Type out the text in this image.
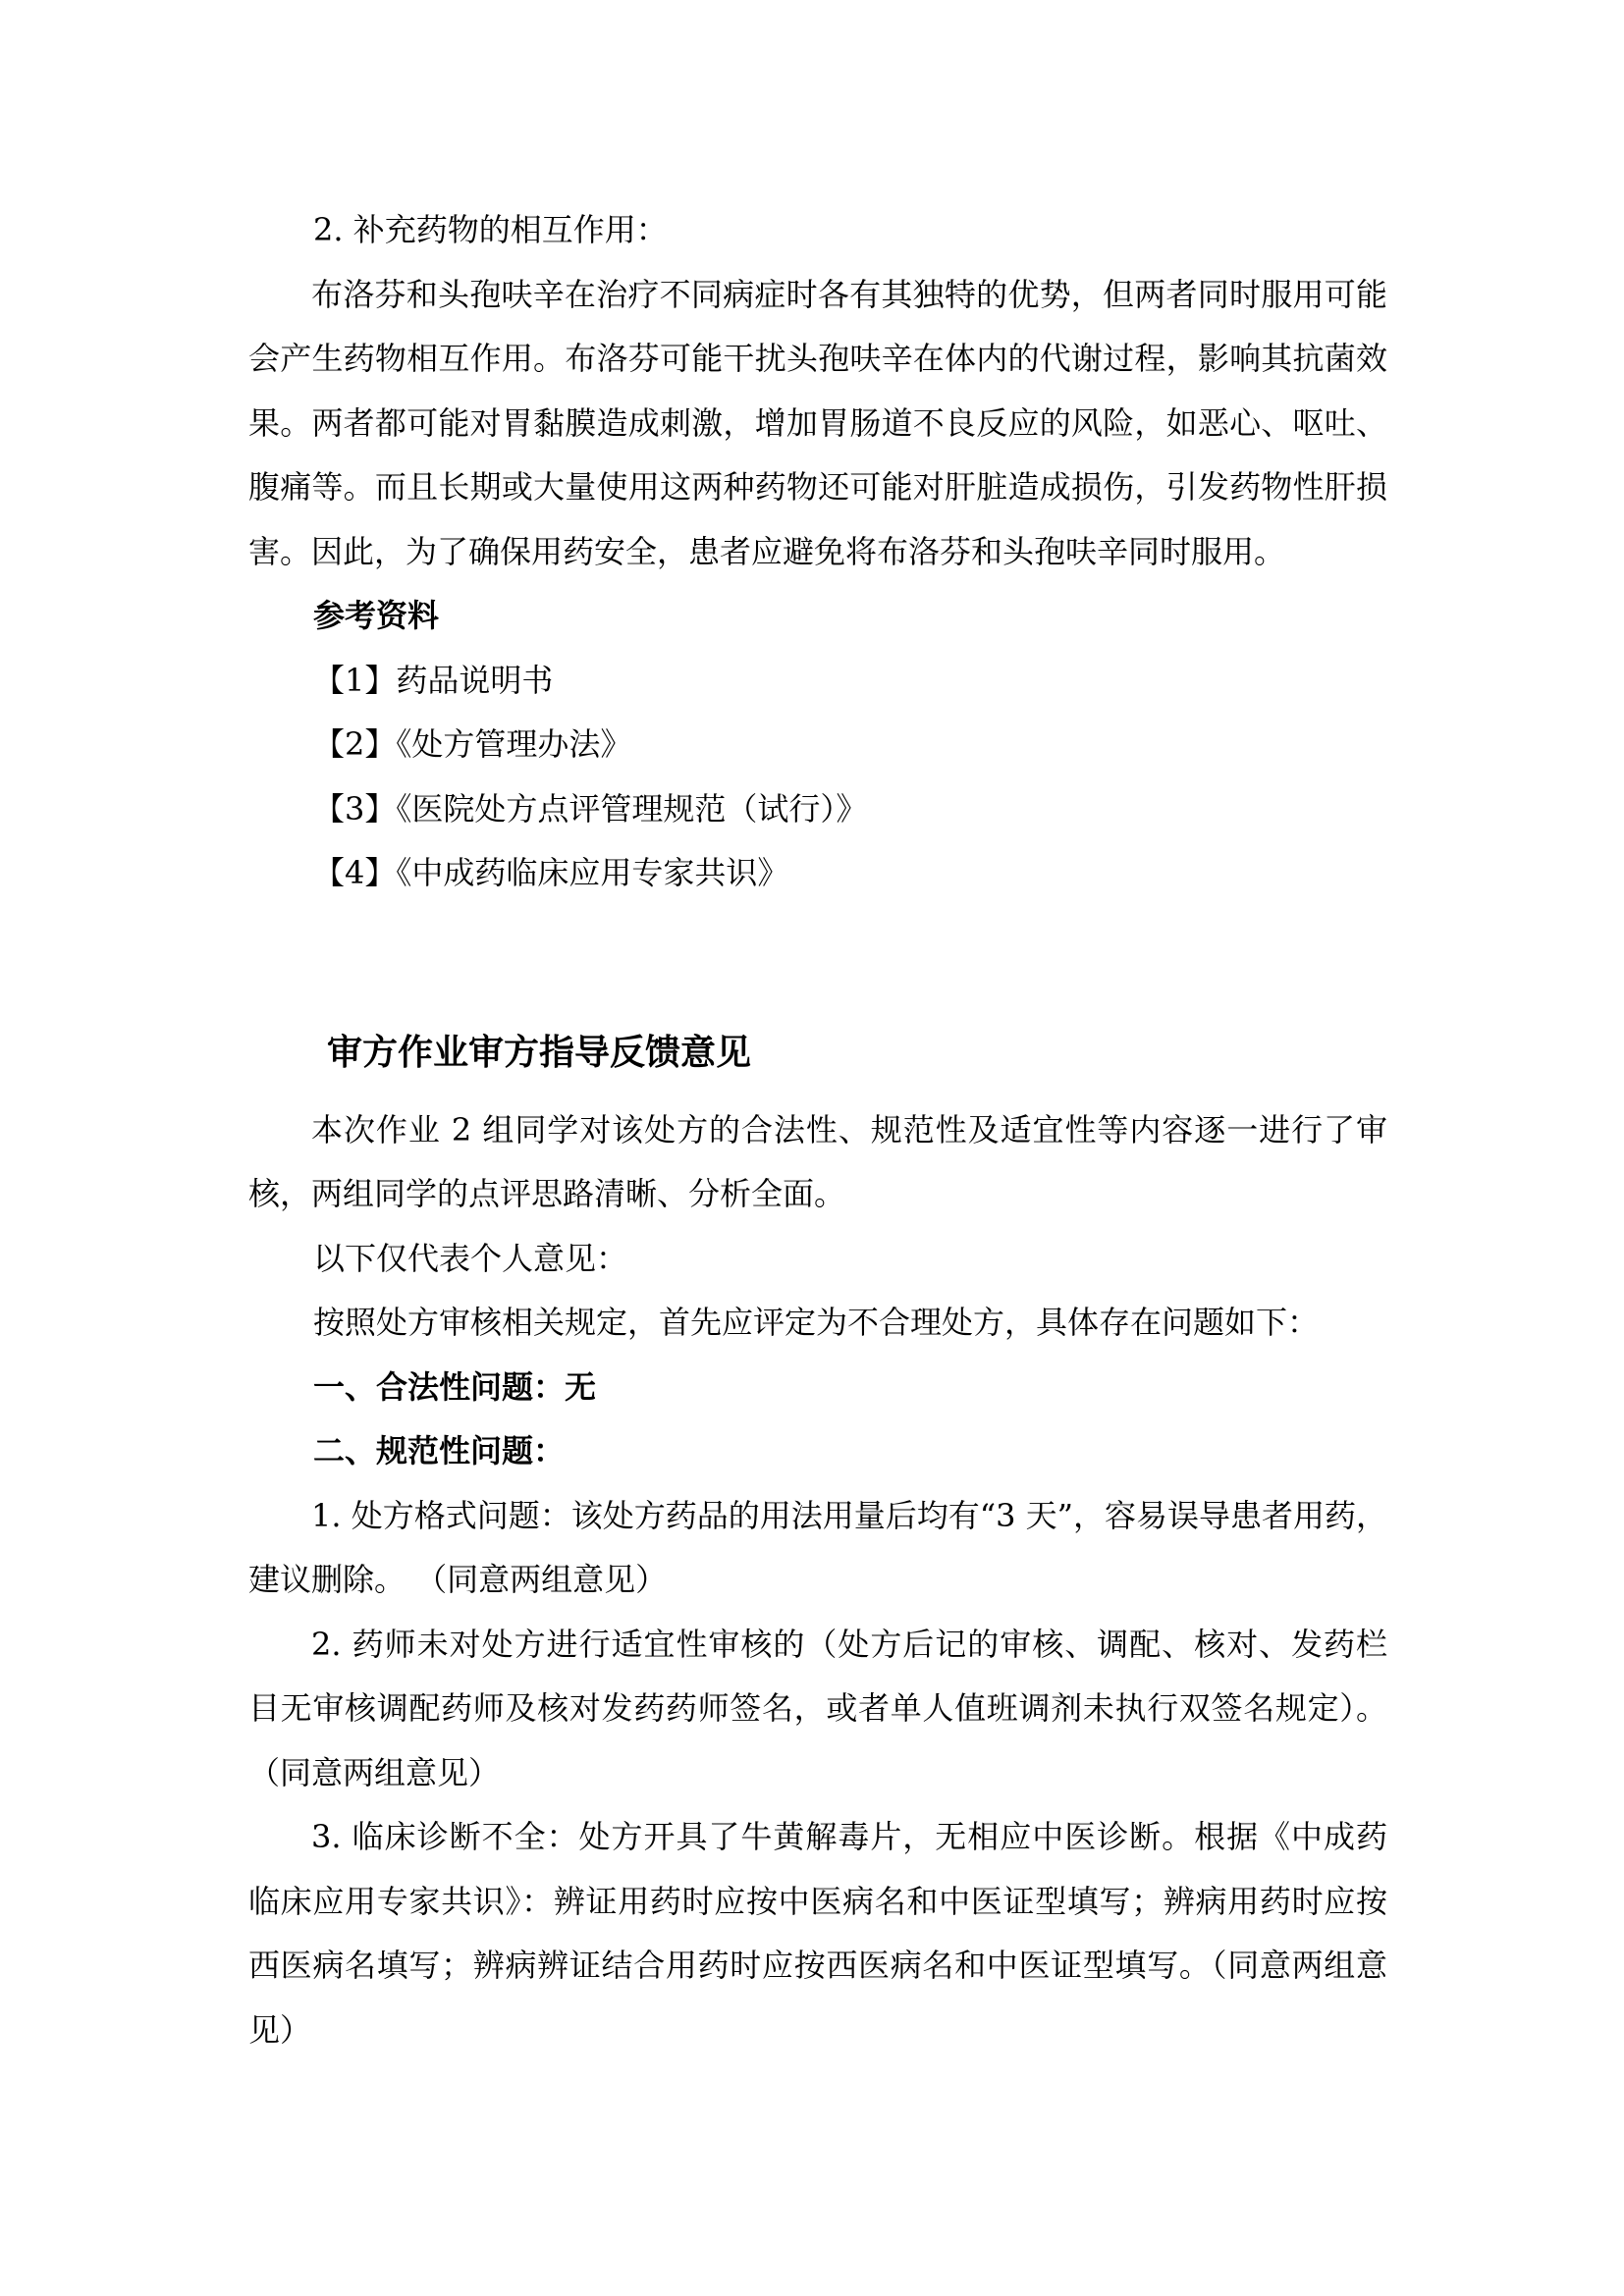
2. 补充药物的相互作用：

布洛芬和头孢呋辛在治疗不同病症时各有其独特的优势，但两者同时服用可能会产生药物相互作用。布洛芬可能干扰头孢呋辛在体内的代谢过程，影响其抗菌效果。两者都可能对胃黏膜造成刺激，增加胃肠道不良反应的风险，如恶心、呕吐、腹痛等。而且长期或大量使用这两种药物还可能对肝脏造成损伤，引发药物性肝损害。因此，为了确保用药安全，患者应避免将布洛芬和头孢呋辛同时服用。

参考资料

【1】药品说明书

【2】《处方管理办法》

【3】《医院处方点评管理规范（试行）》

【4】《中成药临床应用专家共识》

审方作业审方指导反馈意见

本次作业 2 组同学对该处方的合法性、规范性及适宜性等内容逐一进行了审核，两组同学的点评思路清晰、分析全面。

以下仅代表个人意见：

按照处方审核相关规定，首先应评定为不合理处方，具体存在问题如下：

一、合法性问题：无

二、规范性问题：

1. 处方格式问题：该处方药品的用法用量后均有“3 天”，容易误导患者用药，建议删除。 （同意两组意见）

2. 药师未对处方进行适宜性审核的（处方后记的审核、调配、核对、发药栏目无审核调配药师及核对发药药师签名，或者单人值班调剂未执行双签名规定）。（同意两组意见）

3. 临床诊断不全：处方开具了牛黄解毒片，无相应中医诊断。根据《中成药临床应用专家共识》：辨证用药时应按中医病名和中医证型填写；辨病用药时应按西医病名填写；辨病辨证结合用药时应按西医病名和中医证型填写。（同意两组意见）
